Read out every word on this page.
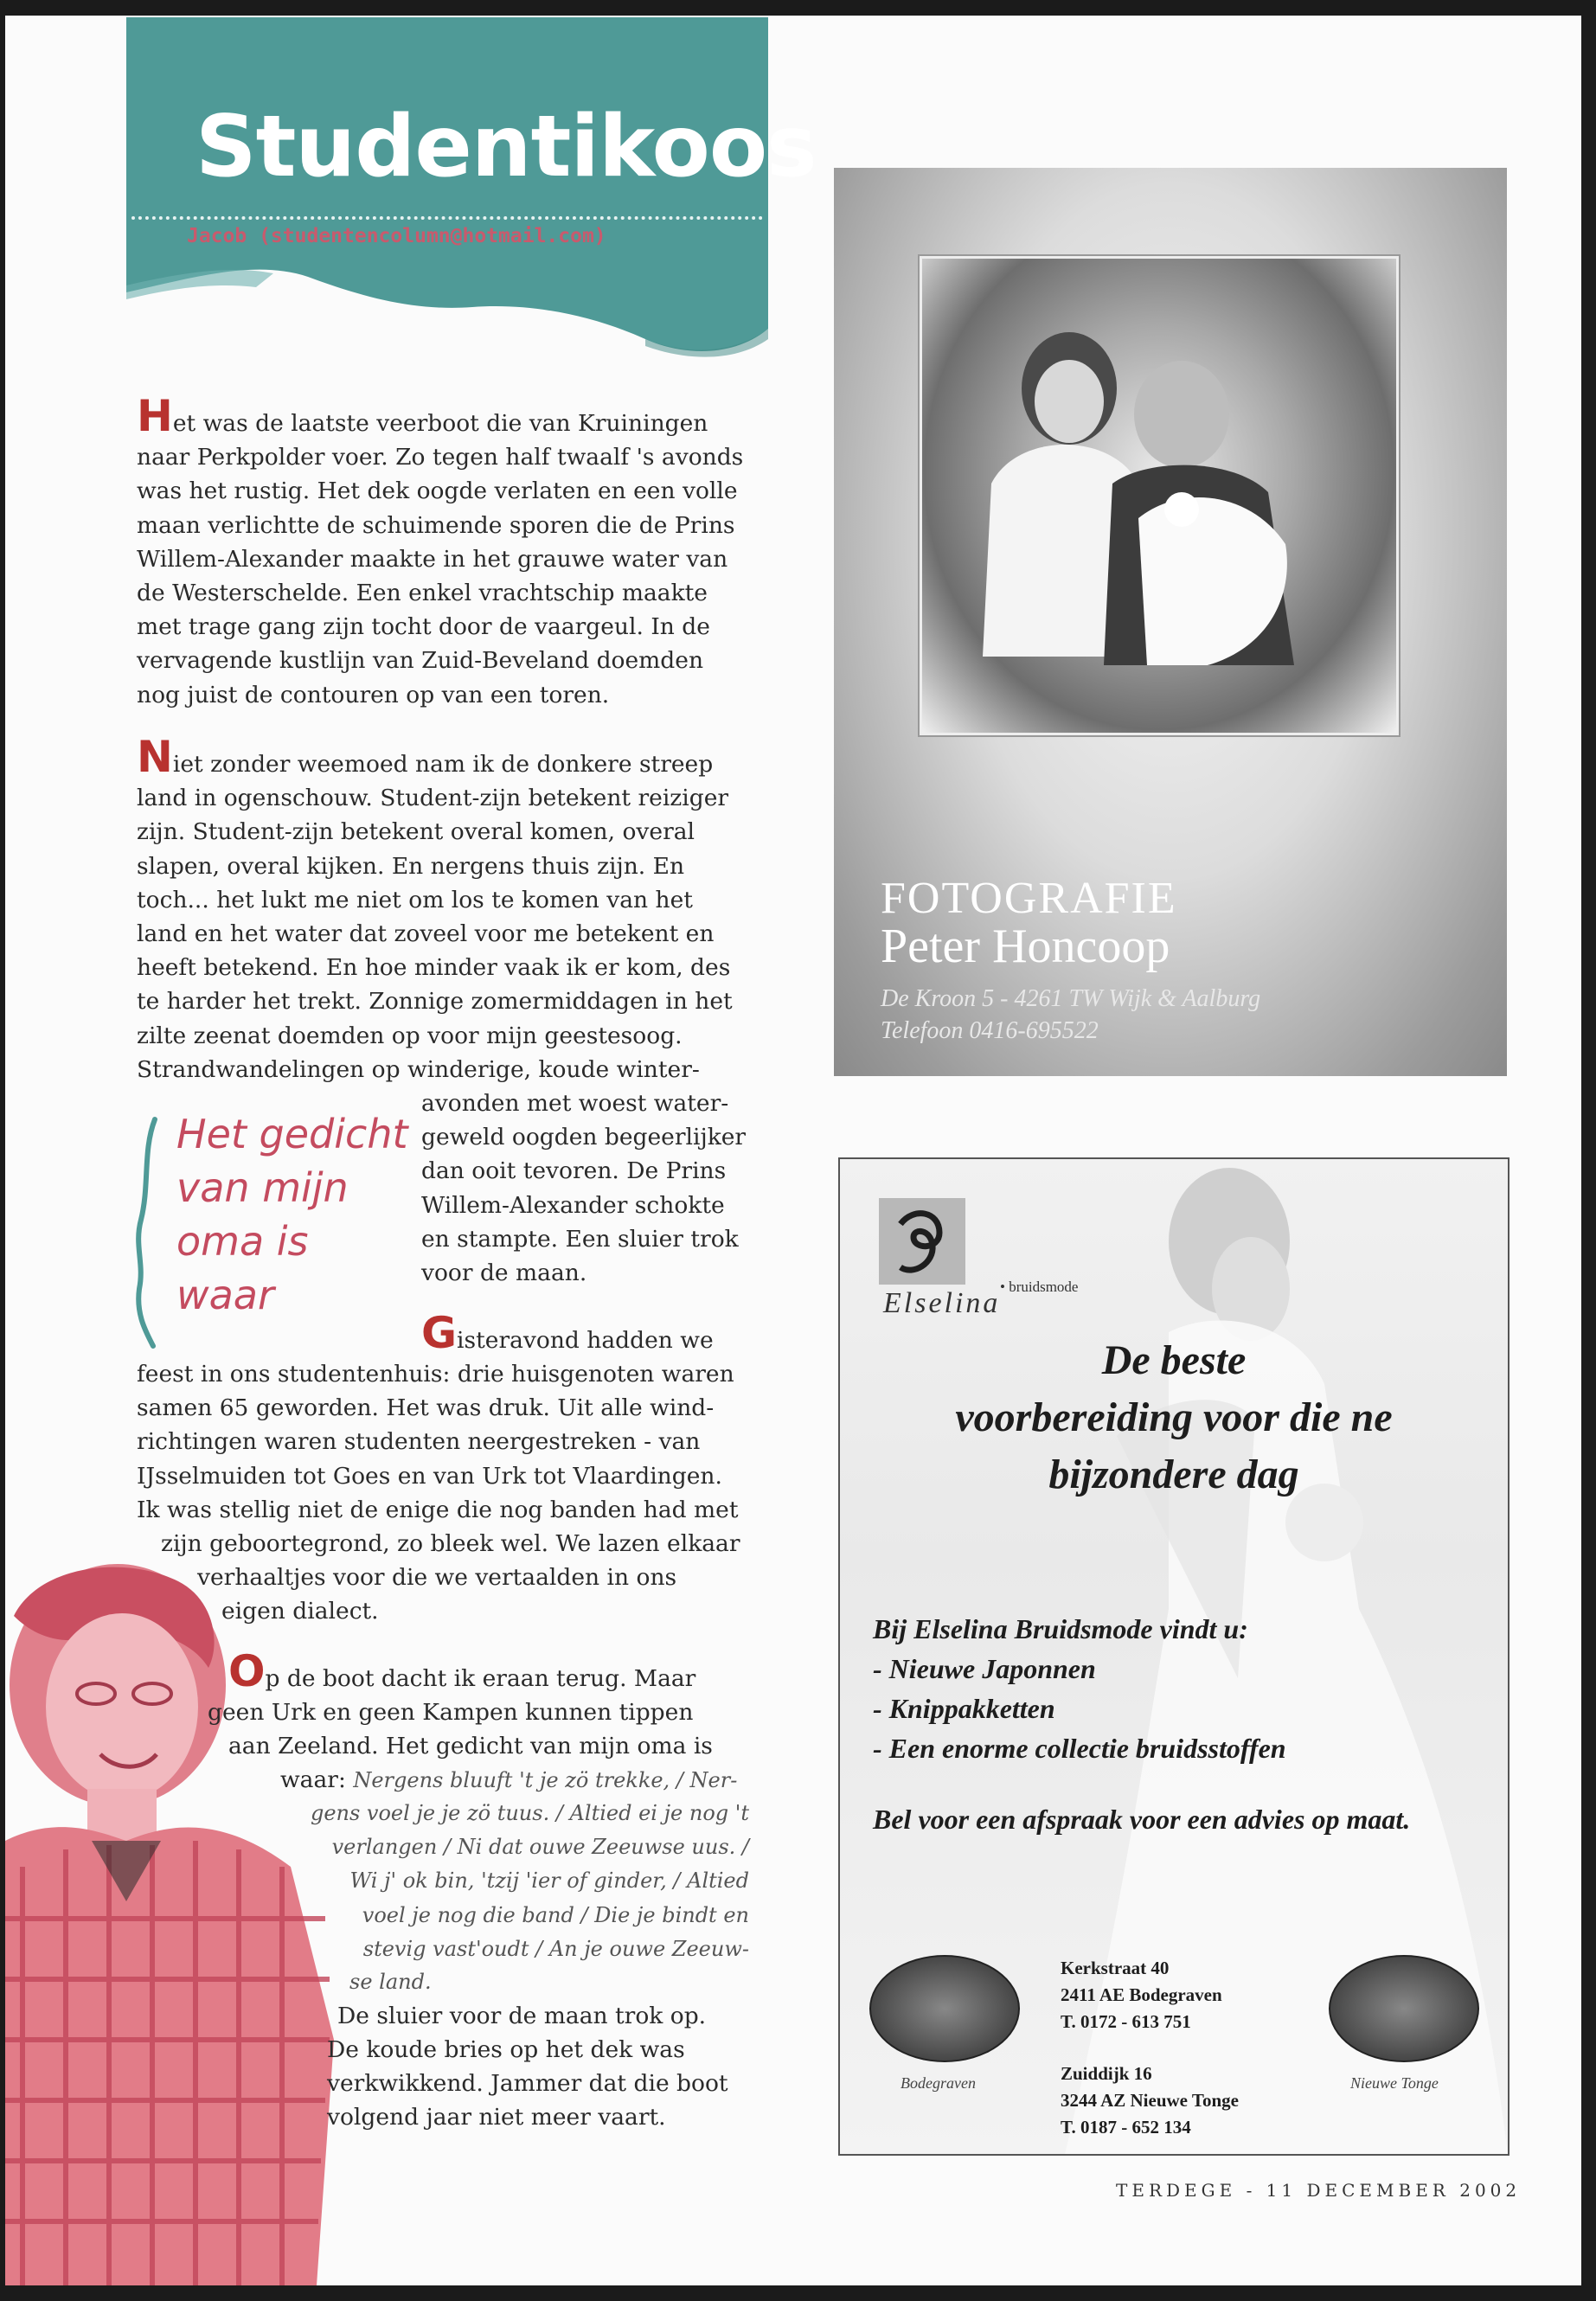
Studentikoos
Jacob (studentencolumn@hotmail.com)

Het was de laatste veerboot die van Kruiningen

naar Perkpolder voer. Zo tegen half twaalf 's avonds

was het rustig. Het dek oogde verlaten en een volle

maan verlichtte de schuimende sporen die de Prins

Willem-Alexander maakte in het grauwe water van

de Westerschelde. Een enkel vrachtschip maakte

met trage gang zijn tocht door de vaargeul. In de

vervagende kustlijn van Zuid-Beveland doemden

nog juist de contouren op van een toren.

Niet zonder weemoed nam ik de donkere streep

land in ogenschouw. Student-zijn betekent reiziger

zijn. Student-zijn betekent overal komen, overal

slapen, overal kijken. En nergens thuis zijn. En

toch... het lukt me niet om los te komen van het

land en het water dat zoveel voor me betekent en

heeft betekend. En hoe minder vaak ik er kom, des

te harder het trekt. Zonnige zomermiddagen in het

zilte zeenat doemden op voor mijn geestesoog.

Strandwandelingen op winderige, koude winter-

avonden met woest water-

geweld oogden begeerlijker

dan ooit tevoren. De Prins

Willem-Alexander schokte

en stampte. Een sluier trok

voor de maan.

Het gedicht

van mijn

oma is

waar

Gisteravond hadden we

feest in ons studentenhuis: drie huisgenoten waren

samen 65 geworden. Het was druk. Uit alle wind-

richtingen waren studenten neergestreken - van

IJsselmuiden tot Goes en van Urk tot Vlaardingen.

Ik was stellig niet de enige die nog banden had met

zijn geboortegrond, zo bleek wel. We lazen elkaar

verhaaltjes voor die we vertaalden in ons

eigen dialect.

Op de boot dacht ik eraan terug. Maar

geen Urk en geen Kampen kunnen tippen

aan Zeeland. Het gedicht van mijn oma is

waar: Nergens bluuft 't je zö trekke, / Ner-

gens voel je je zö tuus. / Altied ei je nog 't

verlangen / Ni dat ouwe Zeeuwse uus. /

Wi j' ok bin, 'tzij 'ier of ginder, / Altied

voel je nog die band / Die je bindt en

stevig vast'oudt / An je ouwe Zeeuw-

se land.

De sluier voor de maan trok op.

De koude bries op het dek was

verkwikkend. Jammer dat die boot

volgend jaar niet meer vaart.

FOTOGRAFIE
Peter Honcoop
De Kroon 5 - 4261 TW Wijk & Aalburg
Telefoon 0416-695522
Elselina
• bruidsmode

De beste

voorbereiding voor die ne

bijzondere dag

Bij Elselina Bruidsmode vindt u:

- Nieuwe Japonnen

- Knippakketten

- Een enorme collectie bruidsstoffen

Bel voor een afspraak voor een advies op maat.
Bodegraven	Nieuwe Tonge

Kerkstraat 40

2411 AE Bodegraven

T. 0172 - 613 751

Zuiddijk 16

3244 AZ Nieuwe Tonge

T. 0187 - 652 134

TERDEGE - 11 DECEMBER 2002
